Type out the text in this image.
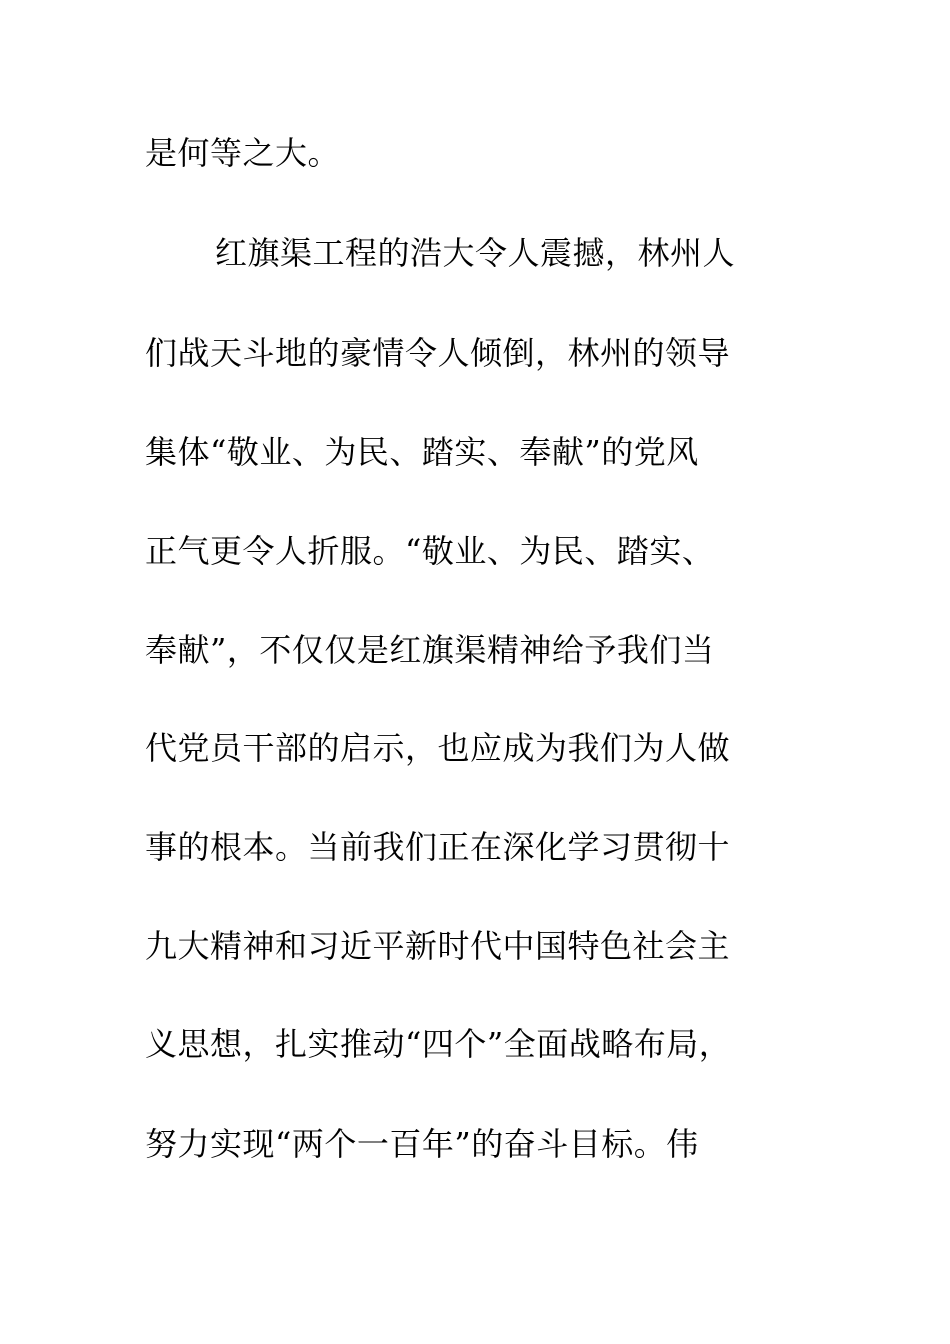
是何等之大。
红旗渠工程的浩大令人震撼，林州人
们战天斗地的豪情令人倾倒，林州的领导
集体“敬业、为民、踏实、奉献”的党风
正气更令人折服。“敬业、为民、踏实、
奉献”，不仅仅是红旗渠精神给予我们当
代党员干部的启示，也应成为我们为人做
事的根本。当前我们正在深化学习贯彻十
九大精神和习近平新时代中国特色社会主
义思想，扎实推动“四个”全面战略布局，
努力实现“两个一百年”的奋斗目标。伟
